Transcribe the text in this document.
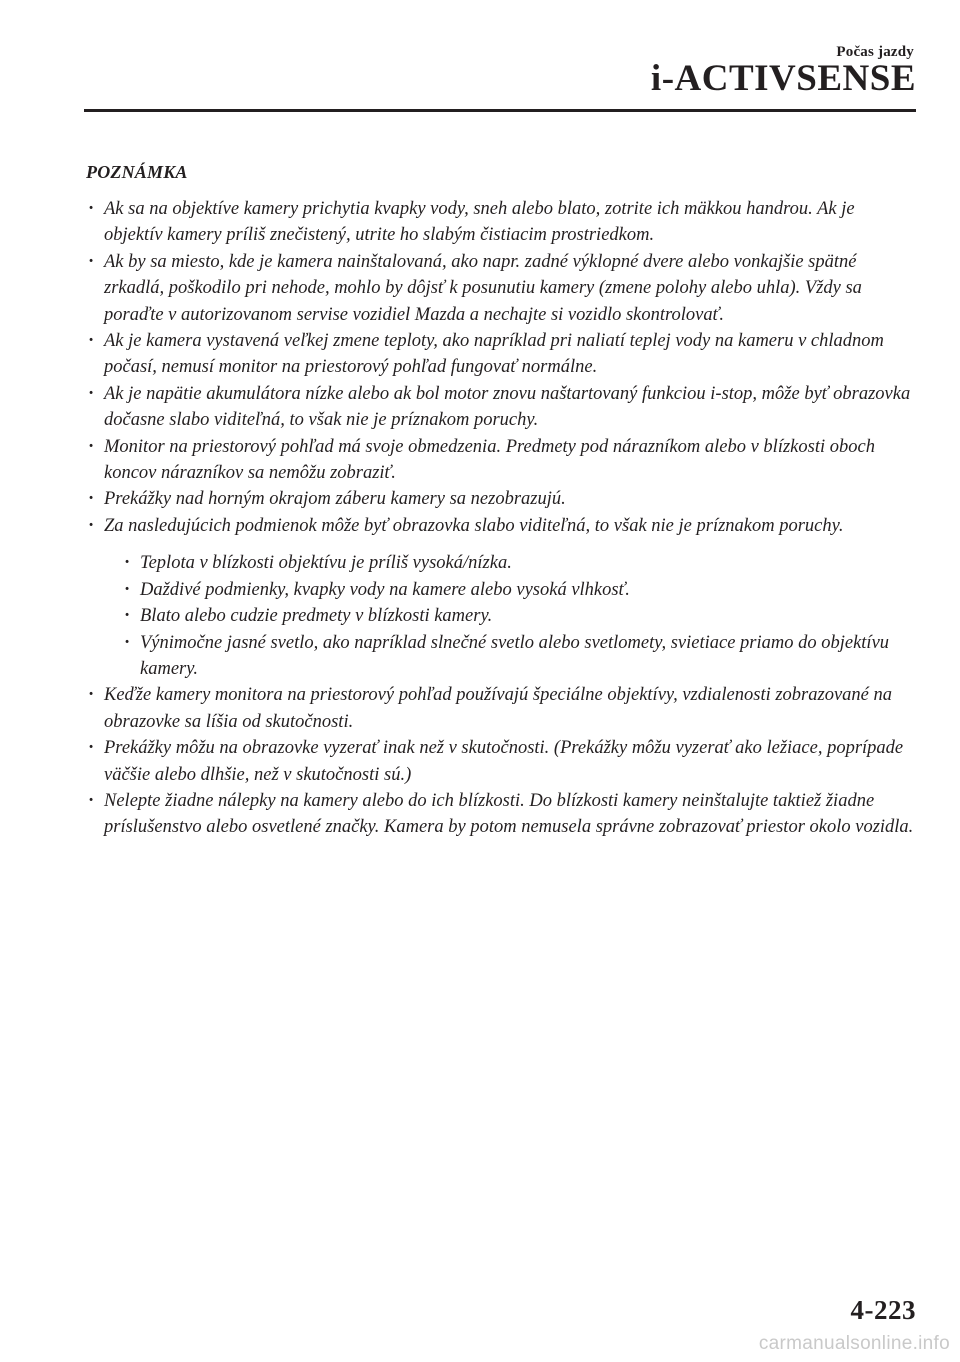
Počas jazdy
i-ACTIVSENSE
POZNÁMKA
· Ak sa na objektíve kamery prichytia kvapky vody, sneh alebo blato, zotrite ich mäkkou handrou. Ak je objektív kamery príliš znečistený, utrite ho slabým čistiacim prostriedkom.
· Ak by sa miesto, kde je kamera nainštalovaná, ako napr. zadné výklopné dvere alebo vonkajšie spätné zrkadlá, poškodilo pri nehode, mohlo by dôjsť k posunutiu kamery (zmene polohy alebo uhla). Vždy sa poraďte v autorizovanom servise vozidiel Mazda a nechajte si vozidlo skontrolovať.
· Ak je kamera vystavená veľkej zmene teploty, ako napríklad pri naliatí teplej vody na kameru v chladnom počasí, nemusí monitor na priestorový pohľad fungovať normálne.
· Ak je napätie akumulátora nízke alebo ak bol motor znovu naštartovaný funkciou i-stop, môže byť obrazovka dočasne slabo viditeľná, to však nie je príznakom poruchy.
· Monitor na priestorový pohľad má svoje obmedzenia. Predmety pod nárazníkom alebo v blízkosti oboch koncov nárazníkov sa nemôžu zobraziť.
· Prekážky nad horným okrajom záberu kamery sa nezobrazujú.
· Za nasledujúcich podmienok môže byť obrazovka slabo viditeľná, to však nie je príznakom poruchy.
· Teplota v blízkosti objektívu je príliš vysoká/nízka.
· Daždivé podmienky, kvapky vody na kamere alebo vysoká vlhkosť.
· Blato alebo cudzie predmety v blízkosti kamery.
· Výnimočne jasné svetlo, ako napríklad slnečné svetlo alebo svetlomety, svietiace priamo do objektívu kamery.
· Keďže kamery monitora na priestorový pohľad používajú špeciálne objektívy, vzdialenosti zobrazované na obrazovke sa líšia od skutočnosti.
· Prekážky môžu na obrazovke vyzerať inak než v skutočnosti. (Prekážky môžu vyzerať ako ležiace, poprípade väčšie alebo dlhšie, než v skutočnosti sú.)
· Nelepte žiadne nálepky na kamery alebo do ich blízkosti. Do blízkosti kamery neinštalujte taktiež žiadne príslušenstvo alebo osvetlené značky. Kamera by potom nemusela správne zobrazovať priestor okolo vozidla.
4-223
carmanualsonline.info
